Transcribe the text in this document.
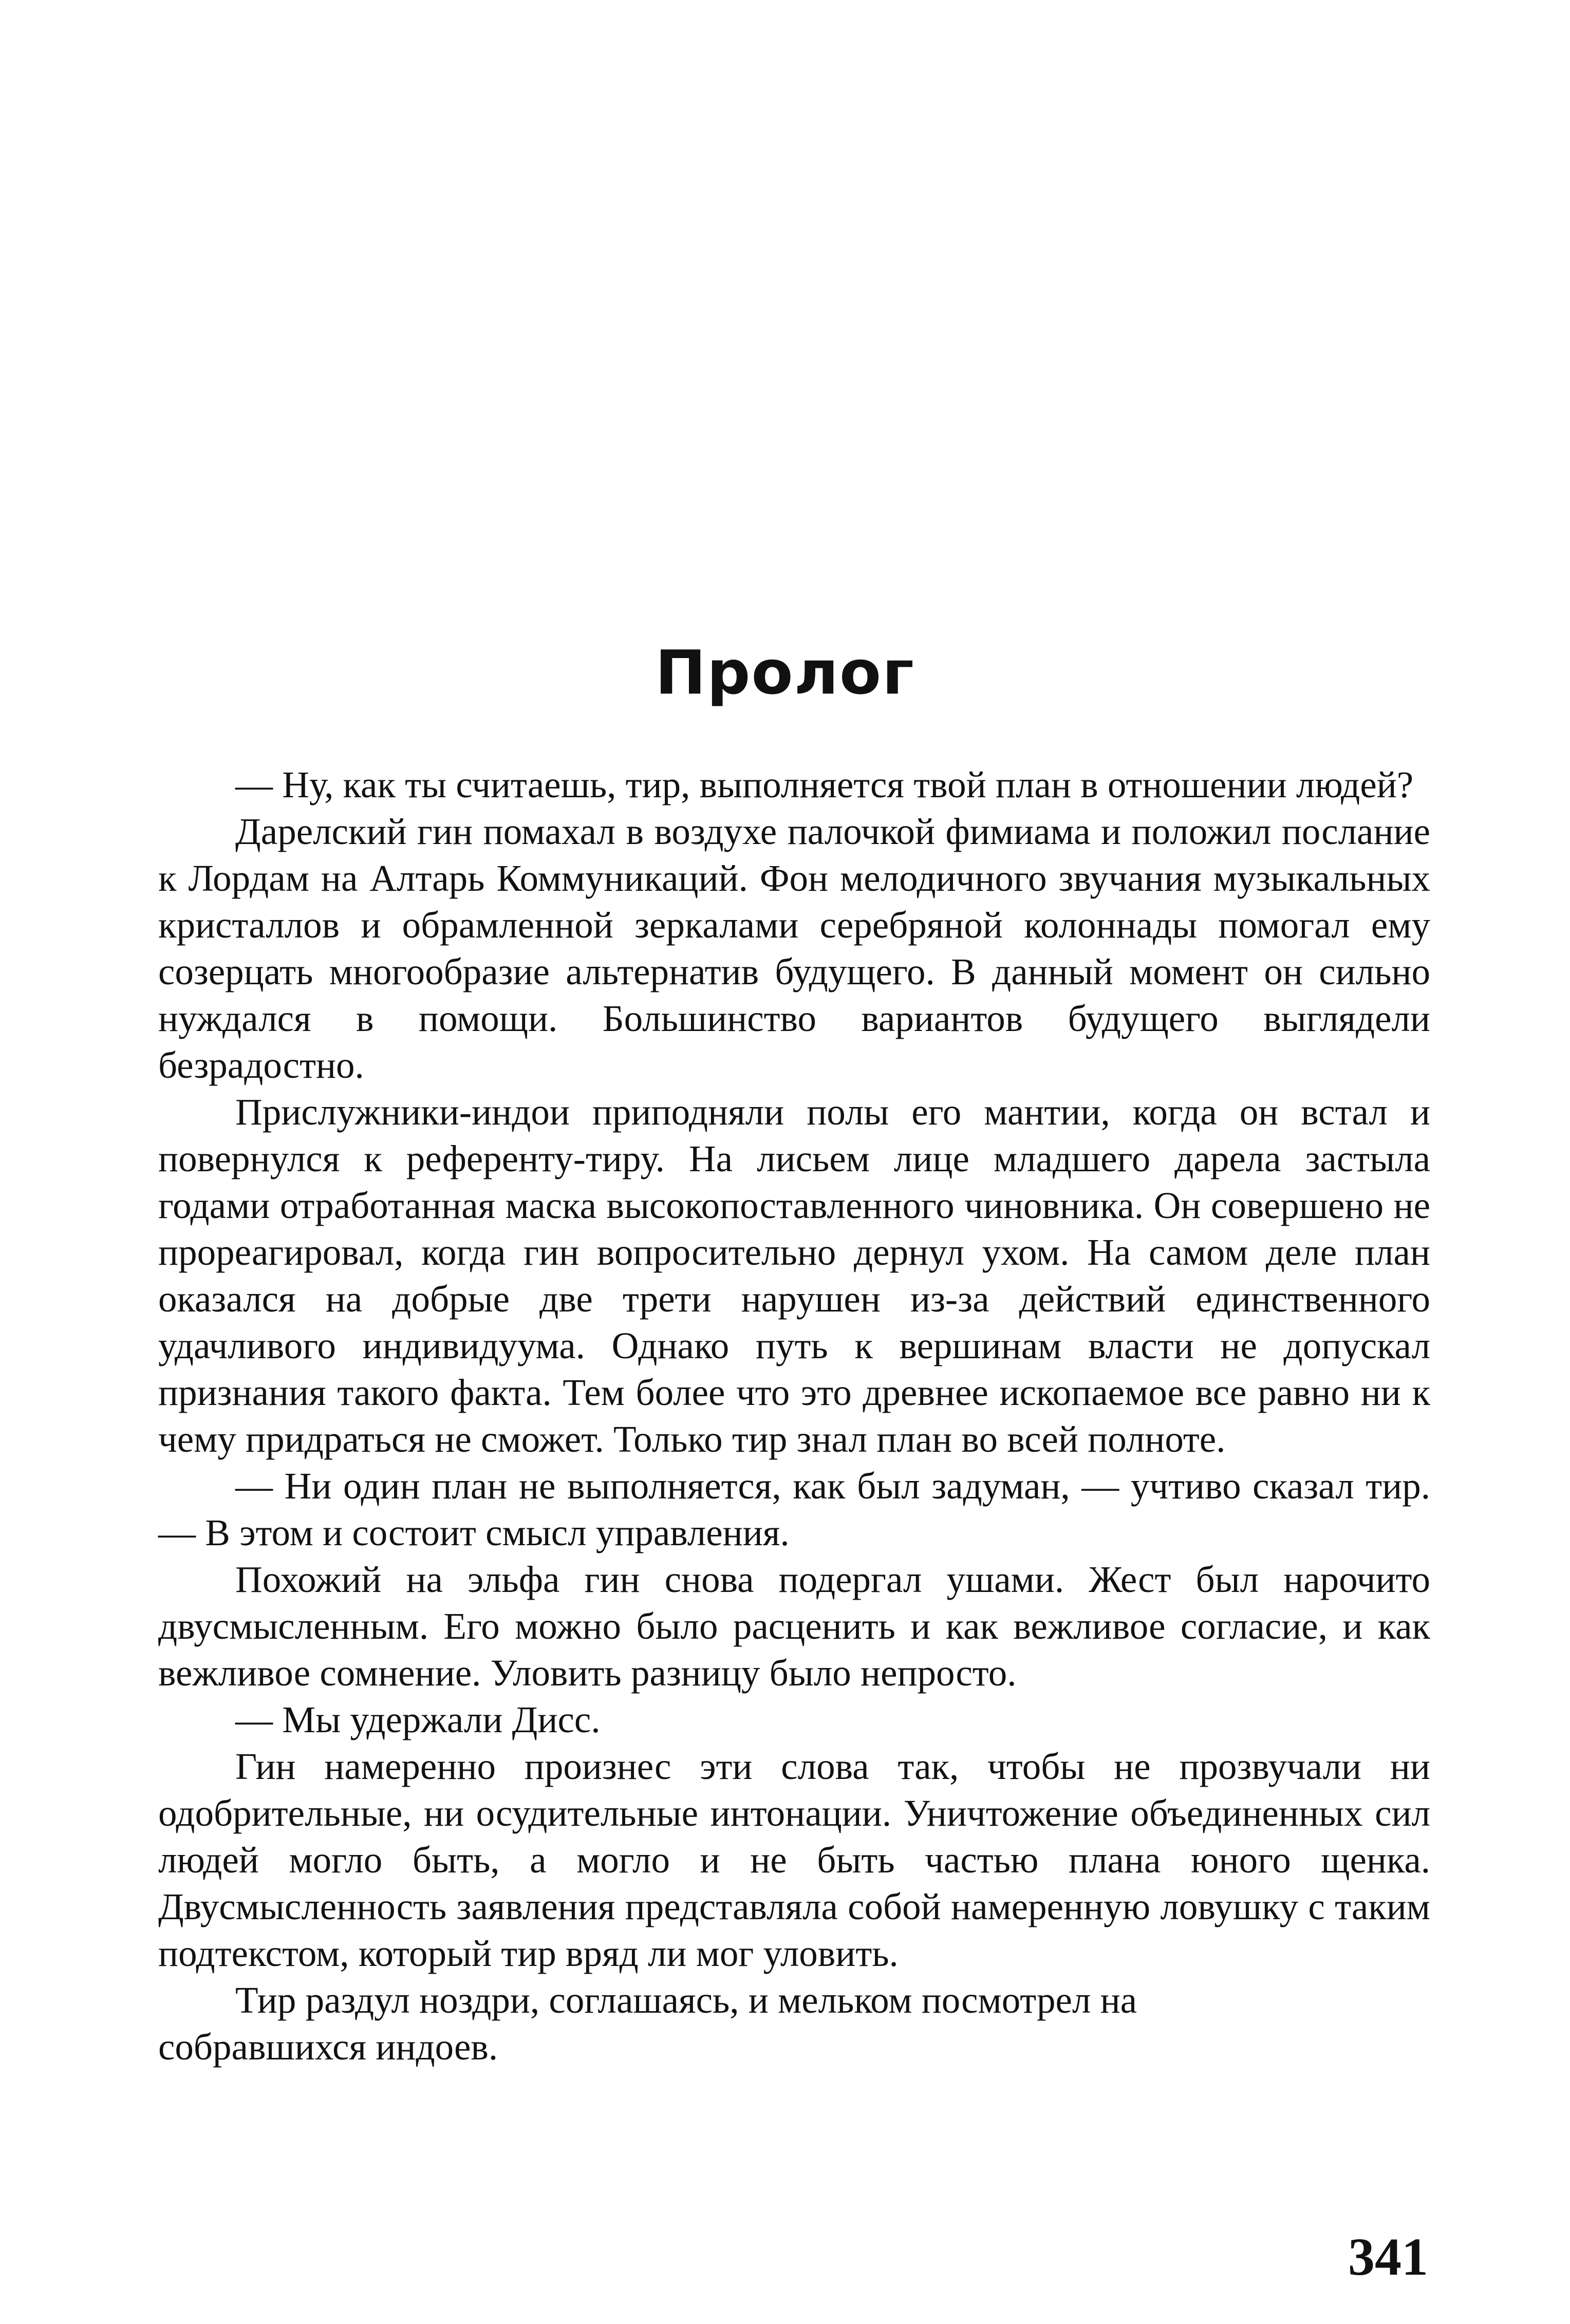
Пролог

— Ну, как ты считаешь, тир, выполняется твой план в отношении людей?

Дарелский гин помахал в воздухе палочкой фимиама и положил послание к Лордам на Алтарь Коммуникаций. Фон мелодичного звучания музыкальных кристаллов и обрамленной зеркалами серебряной колоннады помогал ему созерцать многообразие альтернатив будущего. В данный момент он сильно нуждался в помощи. Большинство вариантов будущего выглядели безрадостно.

Прислужники-индои приподняли полы его мантии, когда он встал и повернулся к референту-тиру. На лисьем лице младшего дарела застыла годами отработанная маска высокопоставленного чиновника. Он совершено не прореагировал, когда гин вопросительно дернул ухом. На самом деле план оказался на добрые две трети нарушен из-за действий единственного удачливого индивидуума. Однако путь к вершинам власти не допускал признания такого факта. Тем более что это древнее ископаемое все равно ни к чему придраться не сможет. Только тир знал план во всей полноте.

— Ни один план не выполняется, как был задуман, — учтиво сказал тир. — В этом и состоит смысл управления.

Похожий на эльфа гин снова подергал ушами. Жест был нарочито двусмысленным. Его можно было расценить и как вежливое согласие, и как вежливое сомнение. Уловить разницу было непросто.

— Мы удержали Дисс.

Гин намеренно произнес эти слова так, чтобы не прозвучали ни одобрительные, ни осудительные интонации. Уничтожение объединенных сил людей могло быть, а могло и не быть частью плана юного щенка. Двусмысленность заявления представляла собой намеренную ловушку с таким подтекстом, который тир вряд ли мог уловить.

Тир раздул ноздри, соглашаясь, и мельком посмотрел на собравшихся индоев.

341
